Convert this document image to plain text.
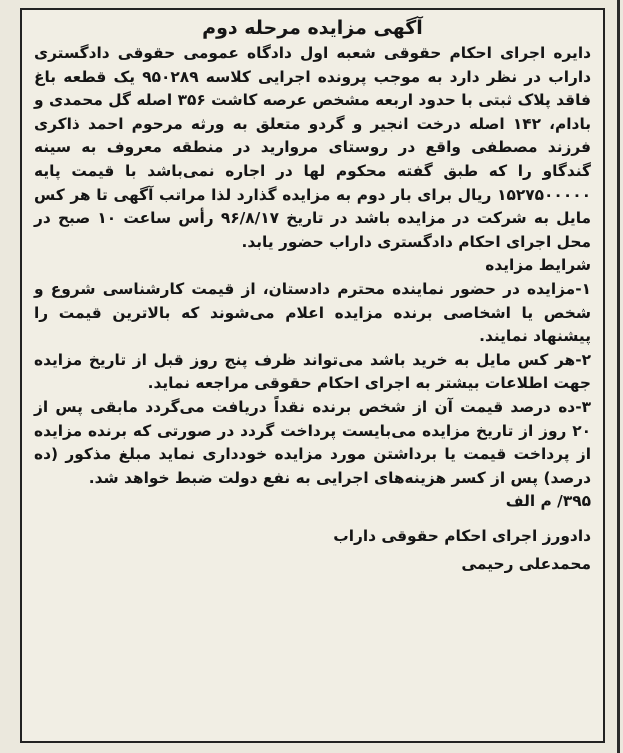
آگهی مزایده مرحله دوم

دایره اجرای احکام حقوقی شعبه اول دادگاه عمومی حقوقی دادگستری داراب در نظر دارد به موجب پرونده اجرایی کلاسه ۹۵۰۲۸۹ یک قطعه باغ فاقد پلاک ثبتی با حدود اربعه مشخص عرصه کاشت ۳۵۶ اصله گل محمدی و بادام، ۱۴۲ اصله درخت انجیر و گردو متعلق به ورثه مرحوم احمد ذاکری فرزند مصطفی واقع در روستای مرواريد در منطقه معروف به سینه گندگاو را که طبق گفته محکوم لها در اجاره نمی‌باشد با قیمت پایه ۱۵۲۷۵۰۰۰۰۰ ریال برای بار دوم به مزایده گذارد لذا مراتب آگهی تا هر کس مایل به شرکت در مزایده باشد در تاریخ ۹۶/۸/۱۷ رأس ساعت ۱۰ صبح در محل اجرای احکام دادگستری داراب حضور یابد.

شرایط مزایده

۱-مزایده در حضور نماینده محترم دادستان، از قیمت کارشناسی شروع و شخص یا اشخاصی برنده مزایده اعلام می‌شوند که بالاترین قیمت را پیشنهاد نمایند.

۲-هر کس مایل به خرید باشد می‌تواند ظرف پنج روز قبل از تاریخ مزایده جهت اطلاعات بیشتر به اجرای احکام حقوقی مراجعه نماید.

۳-ده درصد قیمت آن از شخص برنده نقداً دریافت می‌گردد مابقی پس از ۲۰ روز از تاریخ مزایده می‌بایست پرداخت گردد در صورتی که برنده مزایده از پرداخت قیمت یا برداشتن مورد مزایده خودداری نماید مبلغ مذکور (ده درصد) پس از کسر هزینه‌های اجرایی به نفع دولت ضبط خواهد شد.

۳۹۵/ م الف

دادورز اجرای احکام حقوقی داراب

محمدعلی رحیمی
